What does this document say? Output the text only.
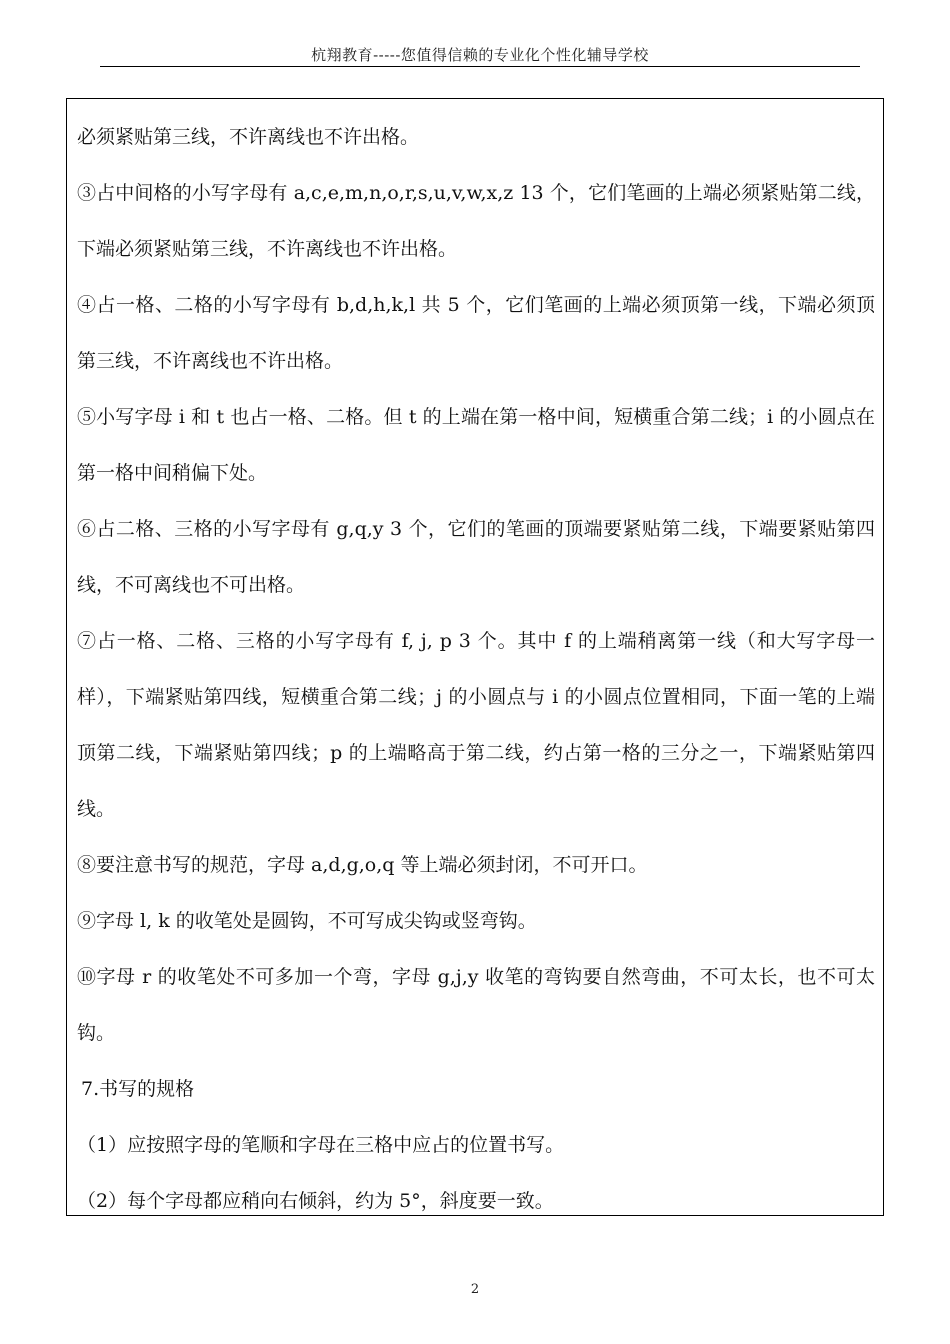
杭翔教育-----您值得信赖的专业化个性化辅导学校

必须紧贴第三线，不许离线也不许出格。

③占中间格的小写字母有 a,c,e,m,n,o,r,s,u,v,w,x,z 13 个，它们笔画的上端必须紧贴第二线，下端必须紧贴第三线，不许离线也不许出格。

④占一格、二格的小写字母有 b,d,h,k,l 共 5 个，它们笔画的上端必须顶第一线，下端必须顶第三线，不许离线也不许出格。

⑤小写字母 i 和 t 也占一格、二格。但 t 的上端在第一格中间，短横重合第二线；i 的小圆点在第一格中间稍偏下处。

⑥占二格、三格的小写字母有 g,q,y 3 个，它们的笔画的顶端要紧贴第二线，下端要紧贴第四线，不可离线也不可出格。

⑦占一格、二格、三格的小写字母有 f, j, p 3 个。其中 f 的上端稍离第一线（和大写字母一样），下端紧贴第四线，短横重合第二线；j 的小圆点与 i 的小圆点位置相同，下面一笔的上端顶第二线，下端紧贴第四线；p 的上端略高于第二线，约占第一格的三分之一，下端紧贴第四线。

⑧要注意书写的规范，字母 a,d,g,o,q 等上端必须封闭，不可开口。

⑨字母 l, k 的收笔处是圆钩，不可写成尖钩或竖弯钩。

⑩字母 r 的收笔处不可多加一个弯，字母 g,j,y 收笔的弯钩要自然弯曲，不可太长，也不可太钩。

7.书写的规格

（1）应按照字母的笔顺和字母在三格中应占的位置书写。

（2）每个字母都应稍向右倾斜，约为 5°，斜度要一致。

2
